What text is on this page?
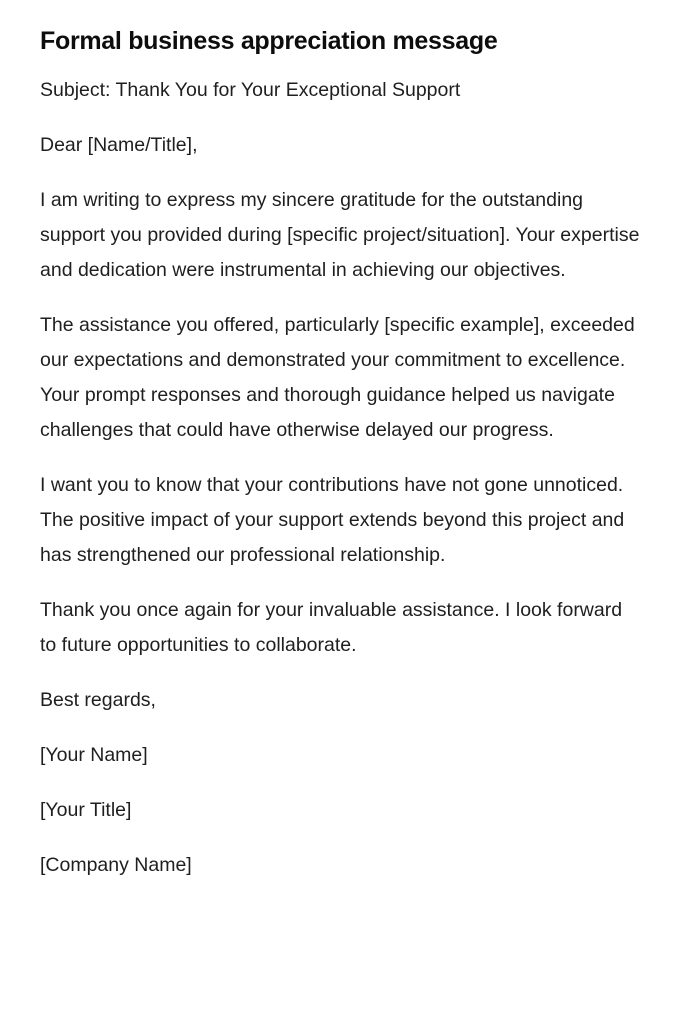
Formal business appreciation message

Subject: Thank You for Your Exceptional Support

Dear [Name/Title],

I am writing to express my sincere gratitude for the outstanding support you provided during [specific project/situation]. Your expertise and dedication were instrumental in achieving our objectives.

The assistance you offered, particularly [specific example], exceeded our expectations and demonstrated your commitment to excellence. Your prompt responses and thorough guidance helped us navigate challenges that could have otherwise delayed our progress.

I want you to know that your contributions have not gone unnoticed. The positive impact of your support extends beyond this project and has strengthened our professional relationship.

Thank you once again for your invaluable assistance. I look forward to future opportunities to collaborate.

Best regards,

[Your Name]

[Your Title]

[Company Name]
